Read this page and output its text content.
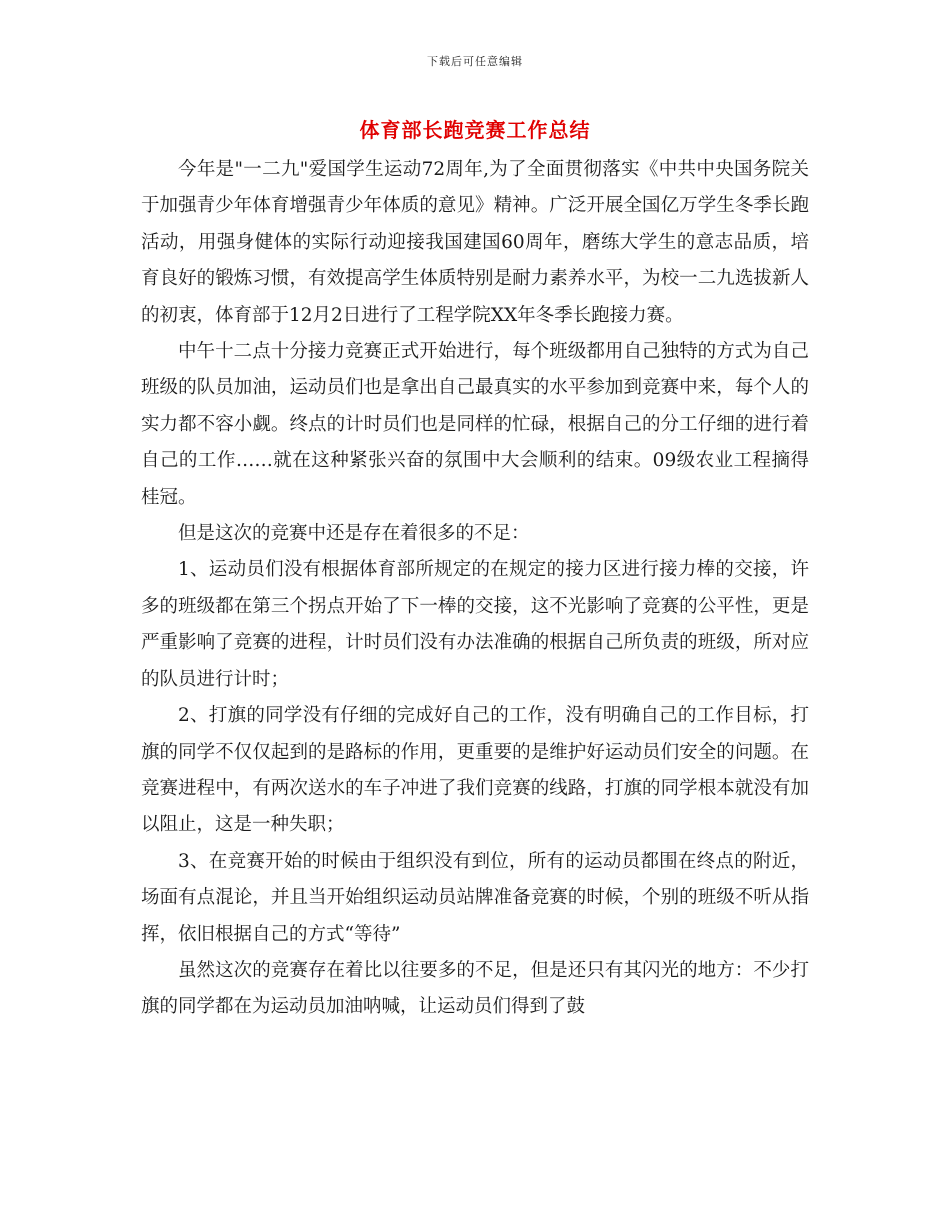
下载后可任意编辑
体育部长跑竞赛工作总结

今年是"一二九"爱国学生运动72周年,为了全面贯彻落实《中共中央国务院关于加强青少年体育增强青少年体质的意见》精神。广泛开展全国亿万学生冬季长跑活动，用强身健体的实际行动迎接我国建国60周年，磨练大学生的意志品质，培育良好的锻炼习惯，有效提高学生体质特别是耐力素养水平，为校一二九选拔新人的初衷，体育部于12月2日进行了工程学院XX年冬季长跑接力赛。

中午十二点十分接力竞赛正式开始进行，每个班级都用自己独特的方式为自己班级的队员加油，运动员们也是拿出自己最真实的水平参加到竞赛中来，每个人的实力都不容小觑。终点的计时员们也是同样的忙碌，根据自己的分工仔细的进行着自己的工作……就在这种紧张兴奋的氛围中大会顺利的结束。09级农业工程摘得桂冠。

但是这次的竞赛中还是存在着很多的不足：

1、运动员们没有根据体育部所规定的在规定的接力区进行接力棒的交接，许多的班级都在第三个拐点开始了下一棒的交接，这不光影响了竞赛的公平性，更是严重影响了竞赛的进程，计时员们没有办法准确的根据自己所负责的班级，所对应的队员进行计时；

2、打旗的同学没有仔细的完成好自己的工作，没有明确自己的工作目标，打旗的同学不仅仅起到的是路标的作用，更重要的是维护好运动员们安全的问题。在竞赛进程中，有两次送水的车子冲进了我们竞赛的线路，打旗的同学根本就没有加以阻止，这是一种失职；

3、在竞赛开始的时候由于组织没有到位，所有的运动员都围在终点的附近，场面有点混论，并且当开始组织运动员站牌准备竞赛的时候，个别的班级不听从指挥，依旧根据自己的方式“等待”

虽然这次的竞赛存在着比以往要多的不足，但是还只有其闪光的地方：不少打旗的同学都在为运动员加油呐喊，让运动员们得到了鼓
